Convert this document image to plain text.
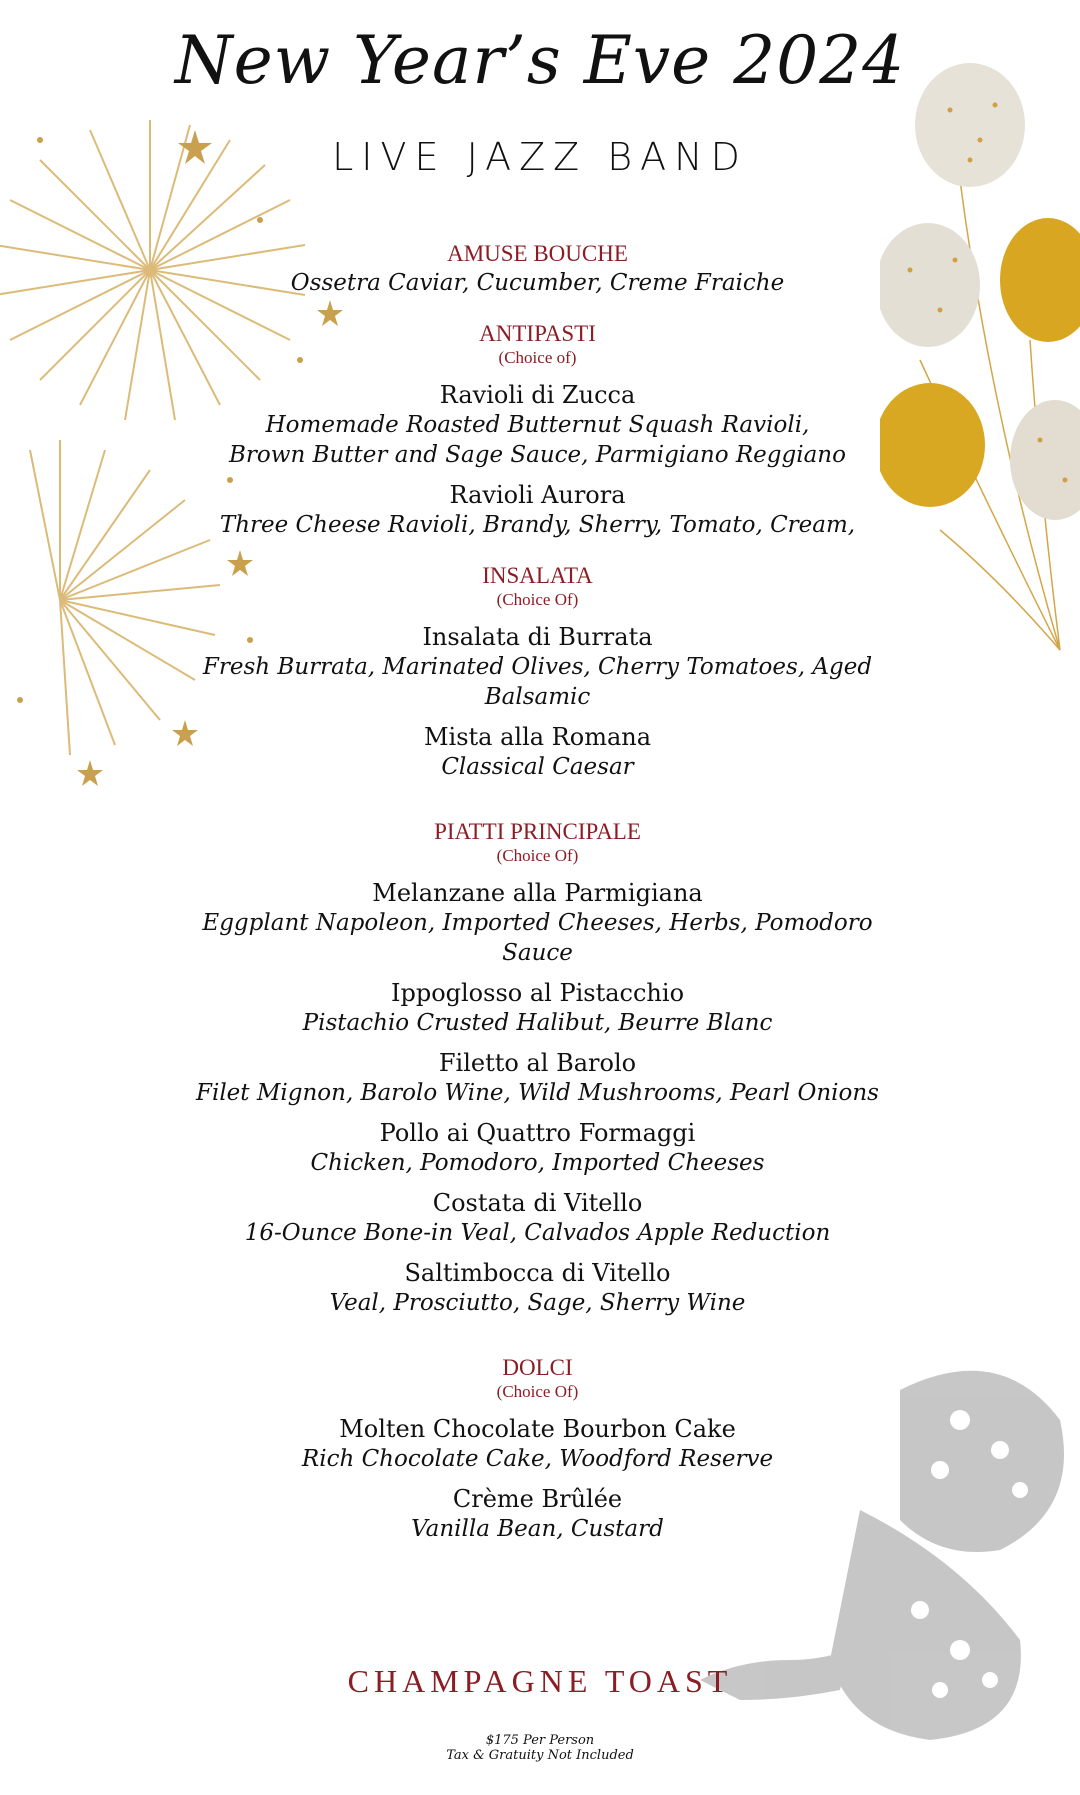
New Year’s Eve 2024
LIVE JAZZ BAND
AMUSE BOUCHE
Ossetra Caviar, Cucumber, Creme Fraiche
ANTIPASTI
(Choice of)
Ravioli di Zucca
Homemade Roasted Butternut Squash Ravioli,
Brown Butter and Sage Sauce, Parmigiano Reggiano
Ravioli Aurora
Three Cheese Ravioli, Brandy, Sherry, Tomato, Cream,
INSALATA
(Choice Of)
Insalata di Burrata
Fresh Burrata, Marinated Olives, Cherry Tomatoes, Aged Balsamic
Mista alla Romana
Classical Caesar
PIATTI PRINCIPALE
(Choice Of)
Melanzane alla Parmigiana
Eggplant Napoleon, Imported Cheeses, Herbs, Pomodoro Sauce
Ippoglosso al Pistacchio
Pistachio Crusted Halibut, Beurre Blanc
Filetto al Barolo
Filet Mignon, Barolo Wine, Wild Mushrooms, Pearl Onions
Pollo ai Quattro Formaggi
Chicken, Pomodoro, Imported Cheeses
Costata di Vitello
16-Ounce Bone-in Veal, Calvados Apple Reduction
Saltimbocca di Vitello
Veal, Prosciutto, Sage, Sherry Wine
DOLCI
(Choice Of)
Molten Chocolate Bourbon Cake
Rich Chocolate Cake, Woodford Reserve
Crème Brûlée
Vanilla Bean, Custard
CHAMPAGNE TOAST
$175 Per Person
Tax & Gratuity Not Included
